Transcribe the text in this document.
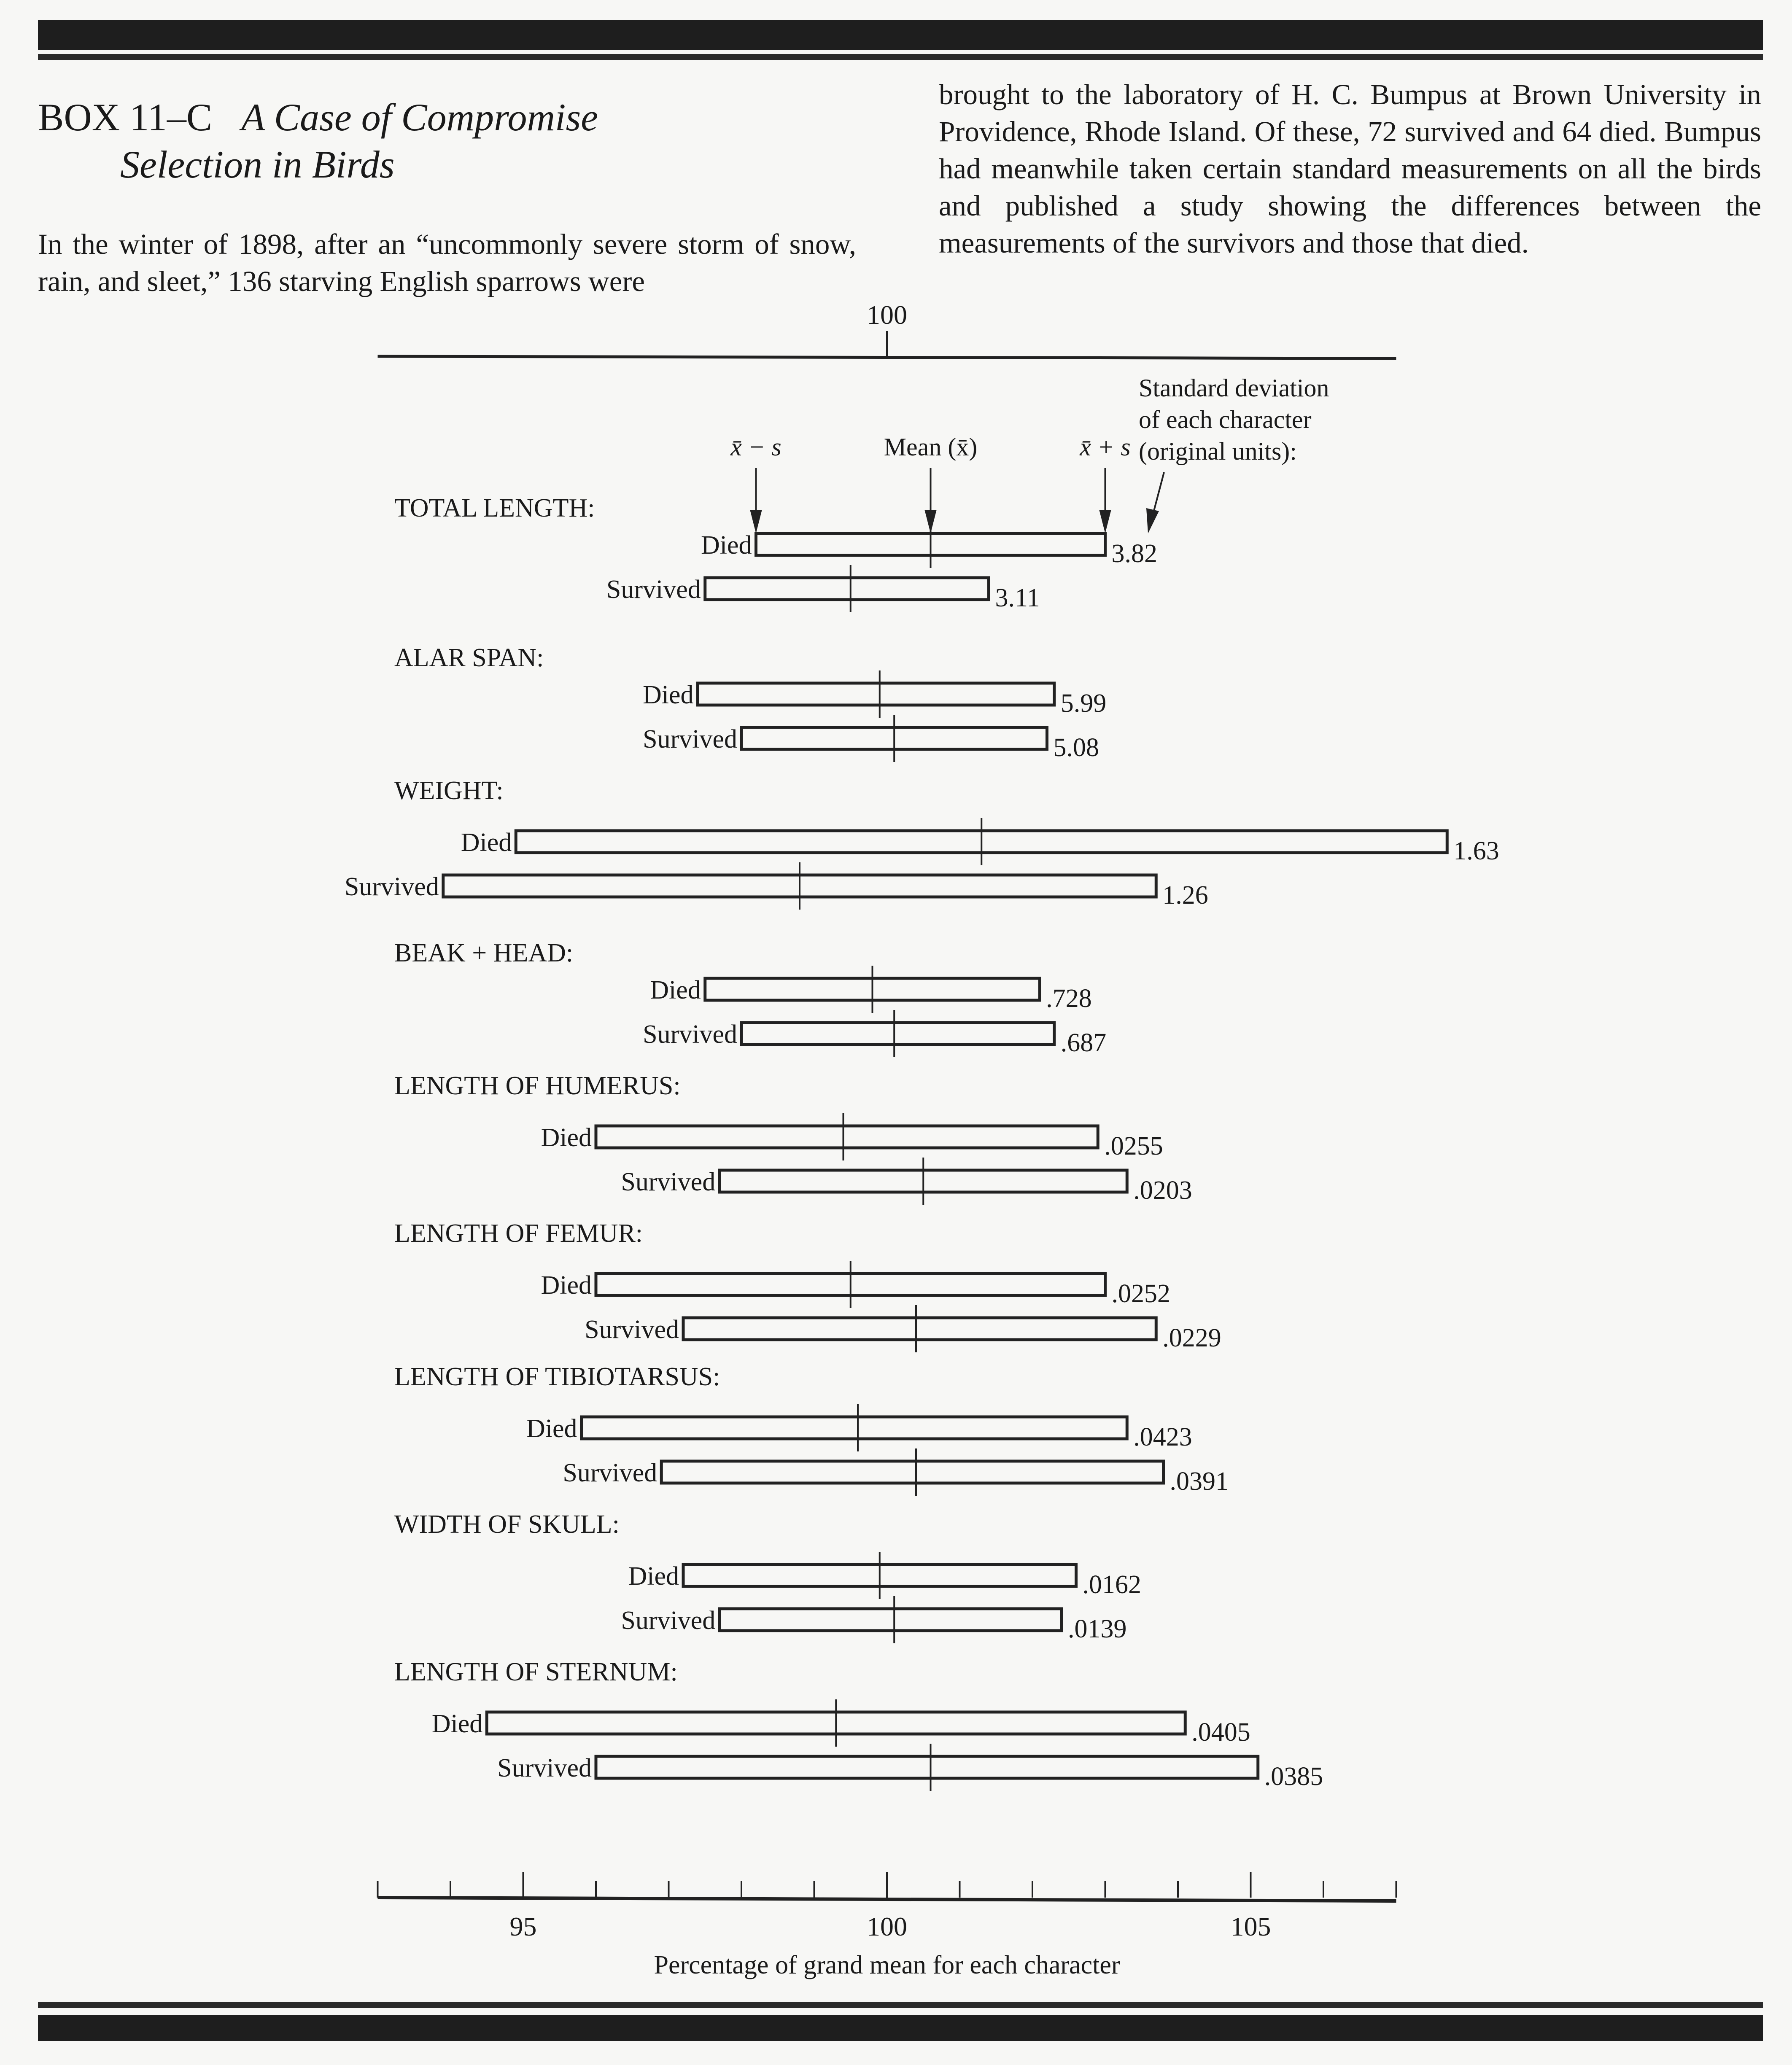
BOX 11–C A Case of Compromise
Selection in Birds
In the winter of 1898, after an “uncommonly severe storm of snow, rain, and sleet,” 136 starving English sparrows were
brought to the laboratory of H. C. Bumpus at Brown University in Providence, Rhode Island. Of these, 72 survived and 64 died. Bumpus had meanwhile taken certain standard measurements on all the birds and published a study showing the differences between the measurements of the survivors and those that died.
100
x̄ − s	Mean (x̄)	x̄ + s
Standard deviation
of each character
(original units):
TOTAL LENGTH:
Died	3.82
Survived	3.11
ALAR SPAN:
Died	5.99
Survived	5.08
WEIGHT:
Died	1.63
Survived	1.26
BEAK + HEAD:
Died	.728
Survived	.687
LENGTH OF HUMERUS:
Died	.0255
Survived	.0203
LENGTH OF FEMUR:
Died	.0252
Survived	.0229
LENGTH OF TIBIOTARSUS:
Died	.0423
Survived	.0391
WIDTH OF SKULL:
Died	.0162
Survived	.0139
LENGTH OF STERNUM:
Died	.0405
Survived	.0385
95	100	105
Percentage of grand mean for each character
